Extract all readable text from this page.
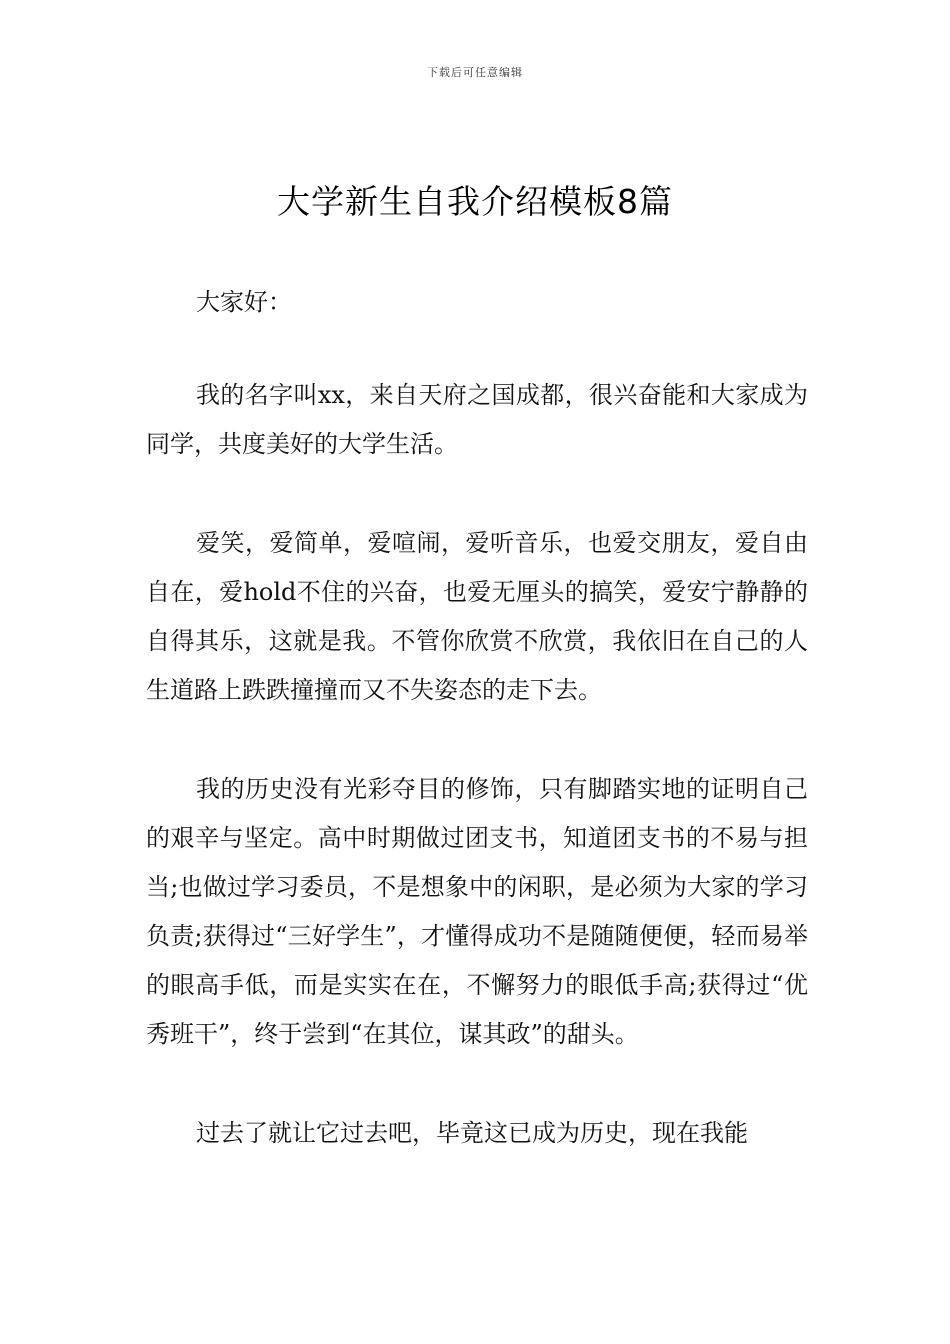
下载后可任意编辑
大学新生自我介绍模板8篇

大家好：

我的名字叫xx，来自天府之国成都，很兴奋能和大家成为同学，共度美好的大学生活。

爱笑，爱简单，爱喧闹，爱听音乐，也爱交朋友，爱自由自在，爱hold不住的兴奋，也爱无厘头的搞笑，爱安宁静静的自得其乐，这就是我。不管你欣赏不欣赏，我依旧在自己的人生道路上跌跌撞撞而又不失姿态的走下去。

我的历史没有光彩夺目的修饰，只有脚踏实地的证明自己的艰辛与坚定。高中时期做过团支书，知道团支书的不易与担当;也做过学习委员，不是想象中的闲职，是必须为大家的学习负责;获得过“三好学生”，才懂得成功不是随随便便，轻而易举的眼高手低，而是实实在在，不懈努力的眼低手高;获得过“优秀班干”，终于尝到“在其位，谋其政”的甜头。

过去了就让它过去吧，毕竟这已成为历史，现在我能
